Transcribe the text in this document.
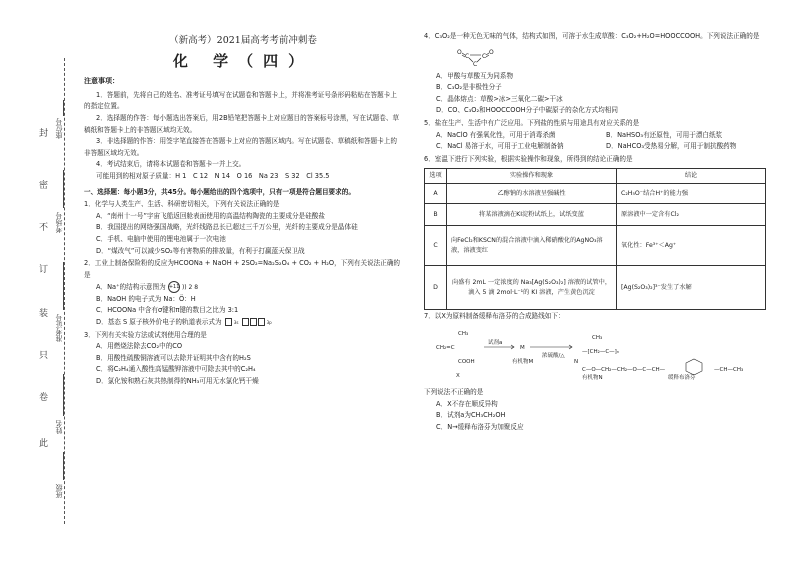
封
密
不
订
装
只
卷
此
座位号
考场号
准考证号
姓名
班级
（新高考）2021届高考考前冲刺卷
化 学（四）
注意事项：
1．答题前，先将自己的姓名、准考证号填写在试题卷和答题卡上，并将准考证号条形码粘贴在答题卡上的指定位置。
2．选择题的作答：每小题选出答案后，用2B铅笔把答题卡上对应题目的答案标号涂黑，写在试题卷、草稿纸和答题卡上的非答题区域均无效。
3．非选择题的作答：用签字笔直接答在答题卡上对应的答题区域内。写在试题卷、草稿纸和答题卡上的非答题区域均无效。
4．考试结束后，请将本试题卷和答题卡一并上交。
可能用到的相对原子质量：H 1　C 12　N 14　O 16　Na 23　S 32　Cl 35.5
一、选择题：每小题3分，共45分。每小题给出的四个选项中，只有一项是符合题目要求的。
1．化学与人类生产、生活、科研密切相关，下列有关说法正确的是
A．“南州十一号”宇宙飞船返回舱表面使用的高温结构陶瓷的主要成分是硅酸盐
B．我国提出的网络强国战略，光纤线路总长已超过三千万公里，光纤的主要成分是晶体硅
C．手机、电脑中使用的锂电池属于一次电池
D．“煤改气”可以减少SO₂等有害物质的排放量，有利于打赢蓝天保卫战
2．工业上制备保险粉的反应为HCOONa + NaOH + 2SO₂=Na₂S₂O₄ + CO₂ + H₂O，下列有关说法正确的是
A．Na⁺的结构示意图为 +11 )) 2 8
B．NaOH 的电子式为 Na：Ö：H
C．HCOONa 中含有σ键和π键的数目之比为 3:1
D．基态 S 原子核外价电子的轨道表示式为	3s	3p
3．下列有关实验方法或试剂使用合理的是
A．用燃烧法除去CO₂中的CO
B．用酸性硫酸铜溶液可以去除并证明其中含有的H₂S
C．将C₂H₄通入酸性高锰酸钾溶液中可除去其中的C₂H₄
D．氯化铵和熟石灰共热制得的NH₃可用无水氯化钙干燥
4．C₃O₂是一种无色无味的气体，结构式如图，可溶于水生成草酸：C₃O₂+H₂O=HOOCCOOH。下列说法正确的是
O	O
C C
C
A．甲酸与草酸互为同系物
B．C₃O₂是非极性分子
C．晶体熔点：草酸>冰>三氧化二碳>干冰
D．CO、C₃O₂和HOOCCOOH分子中碳原子的杂化方式均相同
5．盐在生产、生活中有广泛应用。下列盐的性质与用途具有对应关系的是
A．NaClO 有强氧化性，可用于消毒杀菌	B．NaHSO₃有还原性，可用于漂白纸浆
C．NaCl 易溶于水，可用于工业电解制备钠	D．NaHCO₃受热易分解，可用于制抗酸药物
6．室温下进行下列实验，根据实验操作和现象，所得到的结论正确的是
选项	实验操作和现象	结论
A	乙醇钠的水溶液呈强碱性	C₂H₅O⁻结合H⁺的能力强
B	将某溶液滴在KI淀粉试纸上，试纸变蓝	原溶液中一定含有Cl₂
C	向FeCl₂和KSCN的混合溶液中滴入稀硝酸化的AgNO₃溶液，溶液变红	氧化性：Fe³⁺＜Ag⁺
D	向盛有 2mL 一定浓度的 Na₃[Ag(S₂O₃)₂] 溶液的试管中，滴入 5 滴 2mol·L⁻¹的 KI 溶液，产生黄色沉淀	[Ag(S₂O₃)₂]³⁻发生了水解
7．以X为原料制备缓释布洛芬的合成路线如下：
CH₃
CH₂=C
COOH
X
试剂a
M
有机物M
浓硫酸/△
N
—[CH₂—C—]ₙ
CH₃
C—O—CH₂—CH₂—O—C—CH—
有机物N
—CH—CH₃
缓释布洛芬
下列说法不正确的是
A．X不存在顺反异构
B．试剂a为CH₃CH₂OH
C．N→缓释布洛芬为加聚反应
